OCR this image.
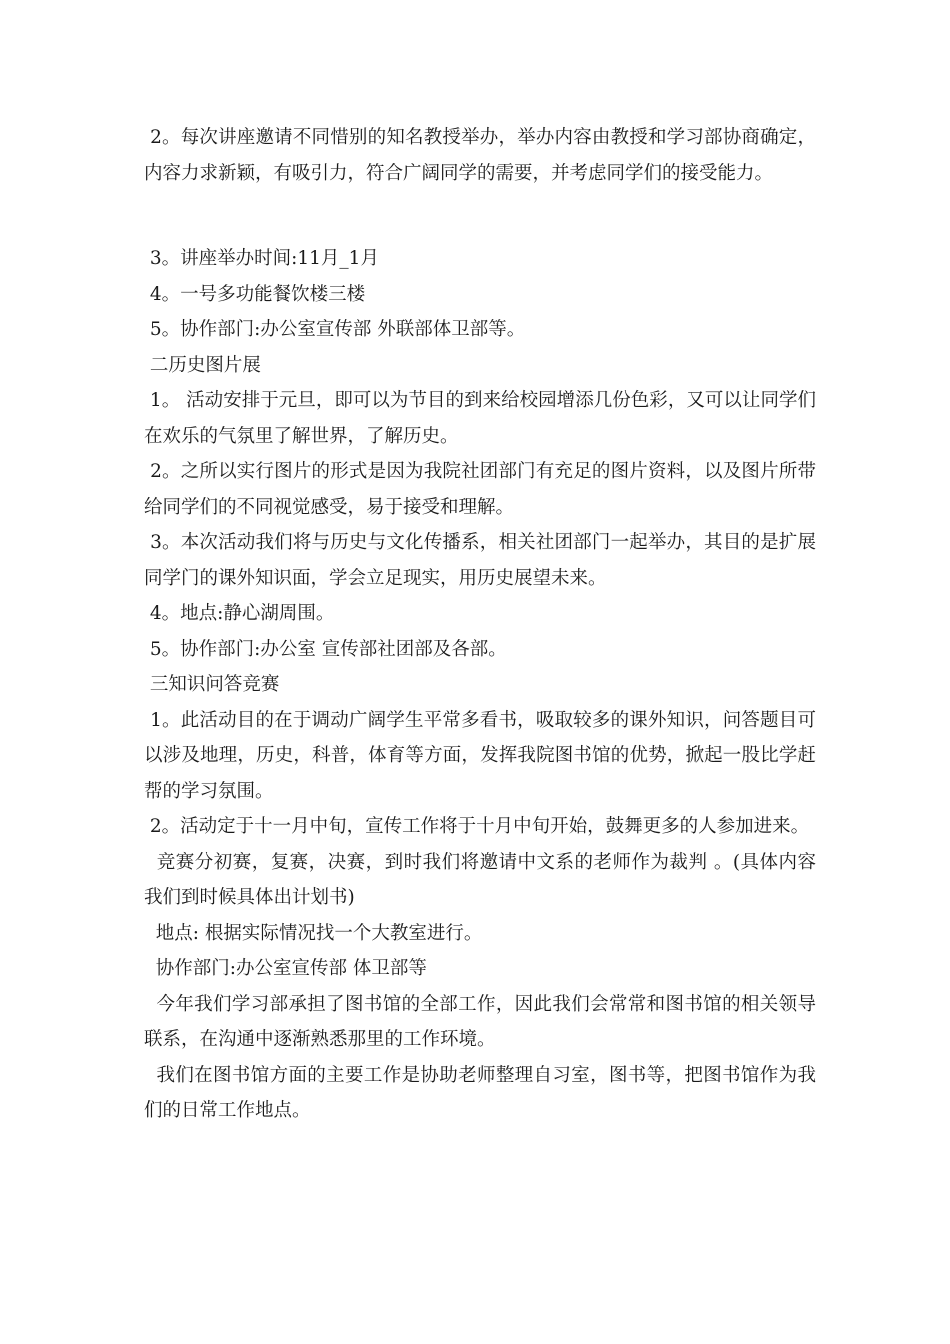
2。每次讲座邀请不同惜别的知名教授举办，举办内容由教授和学习部协商确定，内容力求新颖，有吸引力，符合广阔同学的需要，并考虑同学们的接受能力。

3。讲座举办时间:11月_1月

4。一号多功能餐饮楼三楼

5。协作部门:办公室宣传部 外联部体卫部等。

二历史图片展

1。 活动安排于元旦，即可以为节目的到来给校园增添几份色彩，又可以让同学们在欢乐的气氛里了解世界，了解历史。

2。之所以实行图片的形式是因为我院社团部门有充足的图片资料，以及图片所带给同学们的不同视觉感受，易于接受和理解。

3。本次活动我们将与历史与文化传播系，相关社团部门一起举办，其目的是扩展同学门的课外知识面，学会立足现实，用历史展望未来。

4。地点:静心湖周围。

5。协作部门:办公室 宣传部社团部及各部。

三知识问答竞赛

1。此活动目的在于调动广阔学生平常多看书，吸取较多的课外知识，问答题目可以涉及地理，历史，科普，体育等方面，发挥我院图书馆的优势，掀起一股比学赶帮的学习氛围。

2。活动定于十一月中旬，宣传工作将于十月中旬开始，鼓舞更多的人参加进来。

竞赛分初赛，复赛，决赛，到时我们将邀请中文系的老师作为裁判 。(具体内容我们到时候具体出计划书)

地点: 根据实际情况找一个大教室进行。

协作部门:办公室宣传部 体卫部等

今年我们学习部承担了图书馆的全部工作，因此我们会常常和图书馆的相关领导联系，在沟通中逐渐熟悉那里的工作环境。

我们在图书馆方面的主要工作是协助老师整理自习室，图书等，把图书馆作为我们的日常工作地点。
